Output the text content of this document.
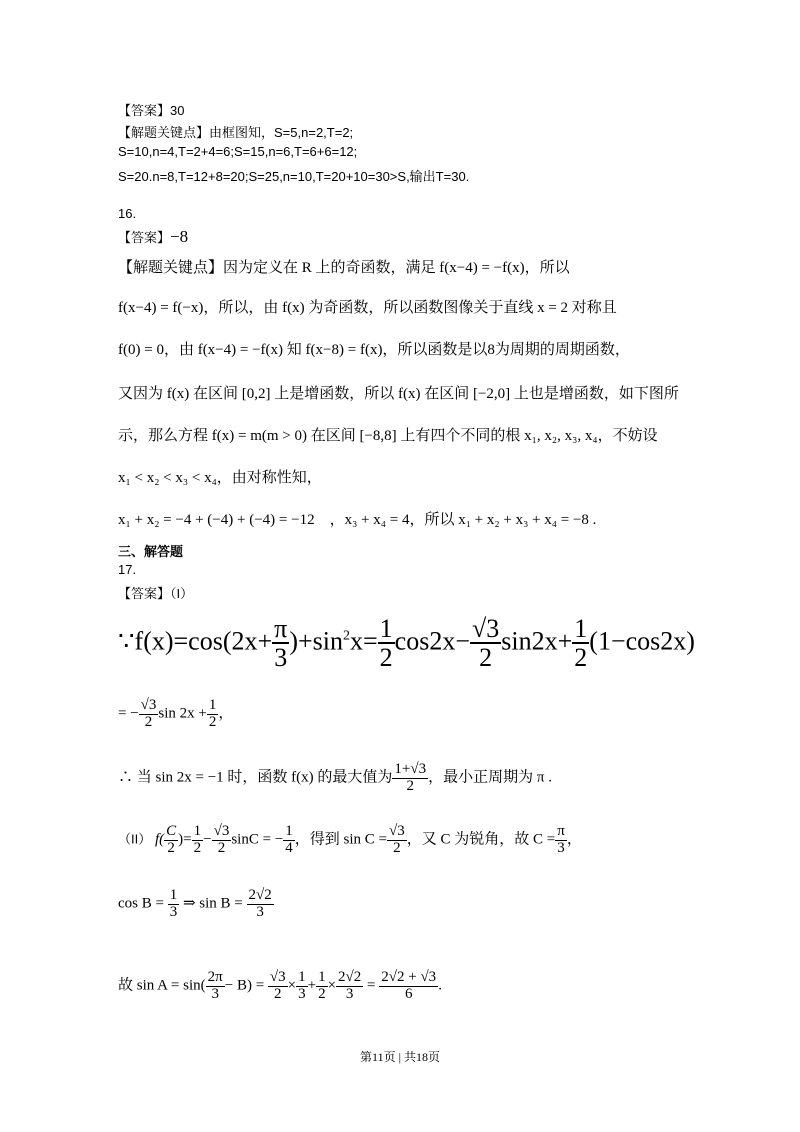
【答案】30
【解题关键点】由框图知，S=5,n=2,T=2;
S=10,n=4,T=2+4=6;S=15,n=6,T=6+6=12;
S=20.n=8,T=12+8=20;S=25,n=10,T=20+10=30>S,输出T=30.
16.
【答案】−8
【解题关键点】因为定义在 R 上的奇函数，满足 f(x−4) = −f(x)，所以
f(x−4) = f(−x)，所以，由 f(x) 为奇函数，所以函数图像关于直线 x = 2 对称且
f(0) = 0，由 f(x−4) = −f(x) 知 f(x−8) = f(x)，所以函数是以8为周期的周期函数，
又因为 f(x) 在区间 [0,2] 上是增函数，所以 f(x) 在区间 [−2,0] 上也是增函数，如下图所
示，那么方程 f(x) = m(m > 0) 在区间 [−8,8] 上有四个不同的根 x₁, x₂, x₃, x₄，不妨设
x₁ < x₂ < x₃ < x₄，由对称性知，
x₁ + x₂ = −4 + (−4) + (−4) = −12　，x₃ + x₄ = 4，所以 x₁ + x₂ + x₃ + x₄ = −8 .
三、解答题
17.
【答案】（I）
∵f(x)=cos(2x+ $\frac{\pi}{3} )+\sin^2x= \frac{1}{2} \cos 2x- \frac{√3}{2} \sin 2x+ \frac{1}{2} (1-\cos 2x)$
= − $\frac{√3}{2}$ $\sin 2x + \frac{1}{2}$ ，
∴ 当 sin 2x = −1 时，函数 f(x) 的最大值为 $\frac{1+√3}{2}$ ，最小正周期为 π .
（II） $f( \frac{C}{2}$ )= $\frac{1}{2} - \frac{√3}{2}$ sinC = − $\frac{1}{4}$ ，得到 $\sin C = \frac{√3}{2}$ ，又 C 为锐角，故 $C = \frac{\pi}{3}$ ，
$\cos B = \frac{1}{3}$ ⇒ $\sin B = \frac{2√2}{3}$
故 $\sin A = \sin( \frac{2\pi}{3} - B) = \frac{√3}{2} \times \frac{1}{3} + \frac{1}{2} \times \frac{2√2}{3} = \frac{2√2 + √3}{6}$ .
第11页 | 共18页
